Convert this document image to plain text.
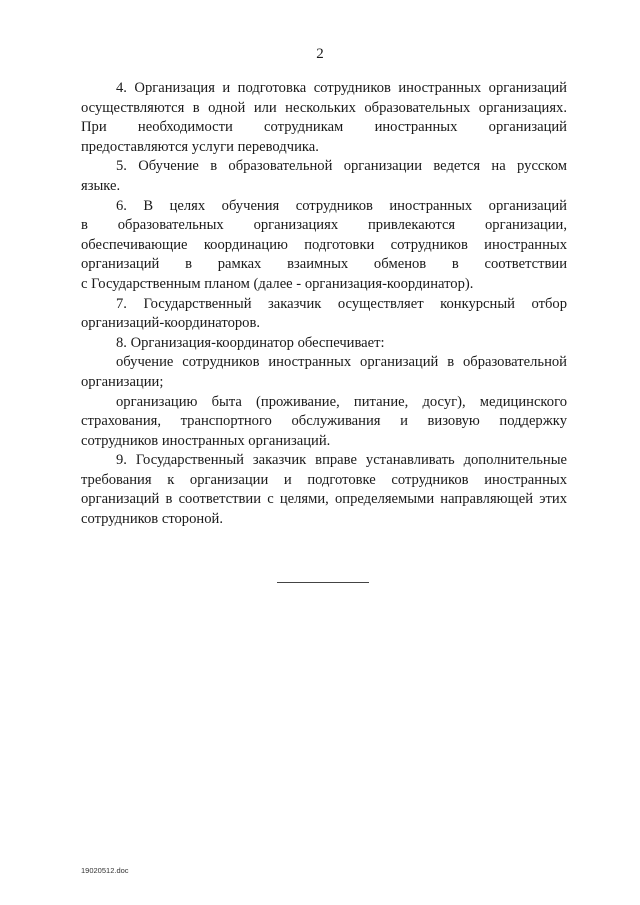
2
4. Организация и подготовка сотрудников иностранных организаций
осуществляются в одной или нескольких образовательных организациях.
При необходимости сотрудникам иностранных организаций
предоставляются услуги переводчика.
5. Обучение в образовательной организации ведется на русском
языке.
6. В целях обучения сотрудников иностранных организаций
в образовательных организациях привлекаются организации,
обеспечивающие координацию подготовки сотрудников иностранных
организаций в рамках взаимных обменов в соответствии
с Государственным планом (далее - организация-координатор).
7. Государственный заказчик осуществляет конкурсный отбор
организаций-координаторов.
8. Организация-координатор обеспечивает:
обучение сотрудников иностранных организаций в образовательной
организации;
организацию быта (проживание, питание, досуг), медицинского
страхования, транспортного обслуживания и визовую поддержку
сотрудников иностранных организаций.
9. Государственный заказчик вправе устанавливать дополнительные
требования к организации и подготовке сотрудников иностранных
организаций в соответствии с целями, определяемыми направляющей этих
сотрудников стороной.
19020512.doc
